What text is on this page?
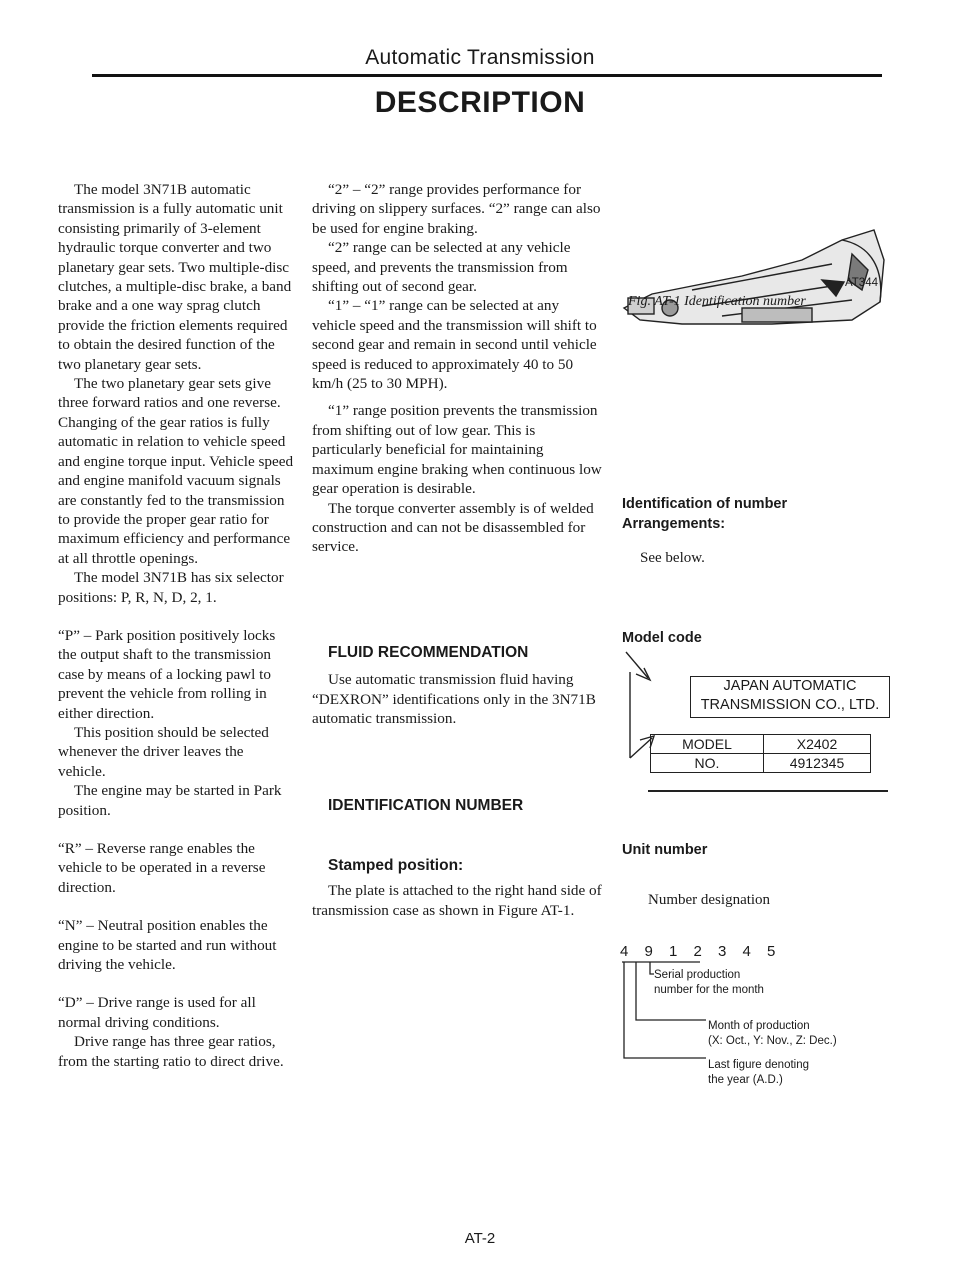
Automatic Transmission
DESCRIPTION

The model 3N71B automatic transmission is a fully automatic unit consisting primarily of 3-element hydraulic torque converter and two planetary gear sets. Two multiple-disc clutches, a multiple-disc brake, a band brake and a one way sprag clutch provide the friction elements required to obtain the desired function of the two planetary gear sets.

The two planetary gear sets give three forward ratios and one reverse. Changing of the gear ratios is fully automatic in relation to vehicle speed and engine torque input. Vehicle speed and engine manifold vacuum signals are constantly fed to the transmission to provide the proper gear ratio for maximum efficiency and performance at all throttle openings.

The model 3N71B has six selector positions: P, R, N, D, 2, 1.

“P” – Park position positively locks the output shaft to the transmission case by means of a locking pawl to prevent the vehicle from rolling in either direction.

This position should be selected whenever the driver leaves the vehicle.

The engine may be started in Park position.

“R” – Reverse range enables the vehicle to be operated in a reverse direction.

“N” – Neutral position enables the engine to be started and run without driving the vehicle.

“D” – Drive range is used for all normal driving conditions.

Drive range has three gear ratios, from the starting ratio to direct drive.

“2” – “2” range provides performance for driving on slippery surfaces. “2” range can also be used for engine braking.

“2” range can be selected at any vehicle speed, and prevents the transmission from shifting out of second gear.

“1” – “1” range can be selected at any vehicle speed and the transmission will shift to second gear and remain in second until vehicle speed is reduced to approximately 40 to 50 km/h (25 to 30 MPH).

“1” range position prevents the transmission from shifting out of low gear. This is particularly beneficial for maintaining maximum engine braking when continuous low gear operation is desirable.

The torque converter assembly is of welded construction and can not be disassembled for service.

FLUID RECOMMENDATION

Use automatic transmission fluid having “DEXRON” identifications only in the 3N71B automatic transmission.

IDENTIFICATION NUMBER

Stamped position:

The plate is attached to the right hand side of transmission case as shown in Figure AT-1.

AT344
Fig. AT-1 Identification number
Identification of number Arrangements:
See below.
Model code
JAPAN AUTOMATIC
TRANSMISSION CO., LTD.
MODEL	X2402
NO.	4912345
Unit number
Number designation
4 9 1 2 3 4 5
Serial production
number for the month
Month of production
(X: Oct., Y: Nov., Z: Dec.)
Last figure denoting
the year (A.D.)
AT-2
